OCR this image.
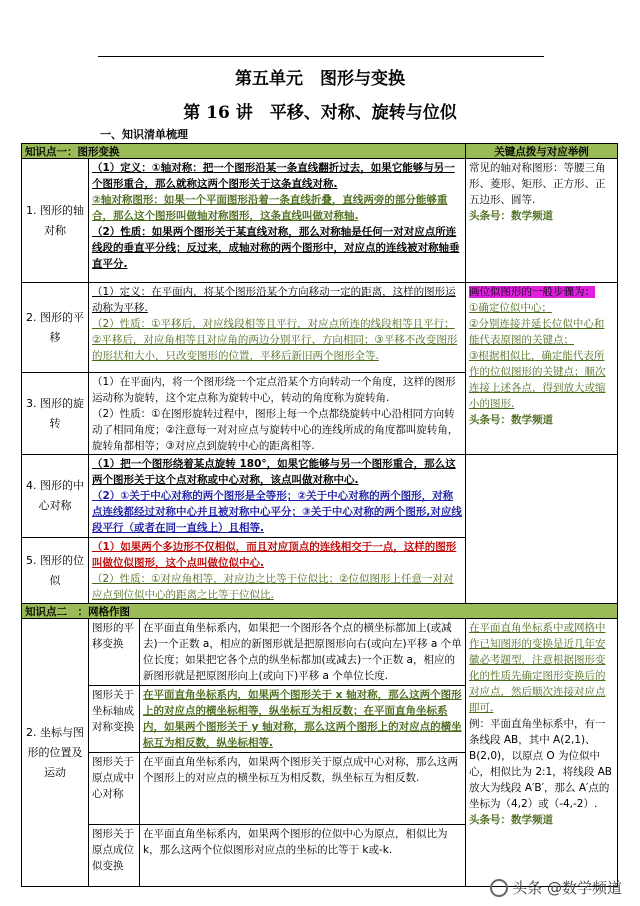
第五单元　图形与变换
第 16 讲　平移、对称、旋转与位似
一、知识清单梳理
知识点一：图形变换	关键点拨与对应举例
1. 图形的轴对称

（1）定义：①轴对称：把一个图形沿某一条直线翻折过去，如果它能够与另一个图形重合，那么就称这两个图形关于这条直线对称.

②轴对称图形：如果一个平面图形沿着一条直线折叠，直线两旁的部分能够重合，那么这个图形叫做轴对称图形，这条直线叫做对称轴.

（2）性质：如果两个图形关于某直线对称，那么对称轴是任何一对对应点所连线段的垂直平分线；反过来，成轴对称的两个图形中，对应点的连线被对称轴垂直平分.

常见的轴对称图形：等腰三角形、菱形、矩形、正方形、正五边形、圆等.

头条号：数学频道

2. 图形的平移

（1）定义：在平面内，将某个图形沿某个方向移动一定的距离，这样的图形运动称为平移.

（2）性质：①平移后，对应线段相等且平行，对应点所连的线段相等且平行；②平移后，对应角相等且对应角的两边分别平行、方向相同；③平移不改变图形的形状和大小，只改变图形的位置，平移后新旧两个图形全等.

3. 图形的旋转

（1）在平面内，将一个图形绕一个定点沿某个方向转动一个角度，这样的图形运动称为旋转，这个定点称为旋转中心，转动的角度称为旋转角.

（2）性质：①在图形旋转过程中，图形上每一个点都绕旋转中心沿相同方向转动了相同角度；②注意每一对对应点与旋转中心的连线所成的角度都叫旋转角，旋转角都相等；③对应点到旋转中心的距离相等.

画位似图形的一般步骤为：

①确定位似中心；

②分别连接并延长位似中心和能代表原图的关键点；

③根据相似比，确定能代表所作的位似图形的关键点；顺次连接上述各点，得到放大或缩小的图形.

头条号：数学频道

4. 图形的中心对称

（1）把一个图形绕着某点旋转 180°，如果它能够与另一个图形重合，那么这两个图形关于这个点对称或中心对称，该点叫做对称中心.

（2）①关于中心对称的两个图形是全等形；②关于中心对称的两个图形，对称点连线都经过对称中心并且被对称中心平分；③关于中心对称的两个图形,对应线段平行（或者在同一直线上）且相等.

5. 图形的位似

（1）如果两个多边形不仅相似，而且对应顶点的连线相交于一点，这样的图形叫做位似图形，这个点叫做位似中心.

（2）性质：①对应角相等，对应边之比等于位似比；②位似图形上任意一对对应点到位似中心的距离之比等于位似比.

知识点二　：网格作图
2. 坐标与图形的位置及运动
图形的平移变换
在平面直角坐标系内，如果把一个图形各个点的横坐标都加上(或减去)一个正数 a，相应的新图形就是把原图形向右(或向左)平移 a 个单位长度；如果把它各个点的纵坐标都加(或减去)一个正数 a，相应的新图形就是把原图形向上(或向下)平移 a 个单位长度.
图形关于坐标轴成对称变换
在平面直角坐标系内，如果两个图形关于 x 轴对称，那么这两个图形上的对应点的横坐标相等，纵坐标互为相反数；在平面直角坐标系内，如果两个图形关于 y 轴对称，那么这两个图形上的对应点的横坐标互为相反数，纵坐标相等.
图形关于原点成中心对称
在平面直角坐标系内，如果两个图形关于原点成中心对称，那么这两个图形上的对应点的横坐标互为相反数，纵坐标互为相反数.
图形关于原点成位似变换
在平面直角坐标系内，如果两个图形的位似中心为原点，相似比为 k，那么这两个位似图形对应点的坐标的比等于 k或-k.

在平面直角坐标系中或网格中作已知图形的变换是近几年安徽必考题型，注意根据图形变化的性质先确定图形变换后的对应点，然后顺次连接对应点即可.

例：平面直角坐标系中，有一条线段 AB，其中 A(2,1)、B(2,0)，以原点 O 为位似中心，相似比为 2:1，将线段 AB 放大为线段 A′B′，那么 A′点的坐标为（4,2）或（-4,-2）.

头条号：数学频道

头条 @数学频道
